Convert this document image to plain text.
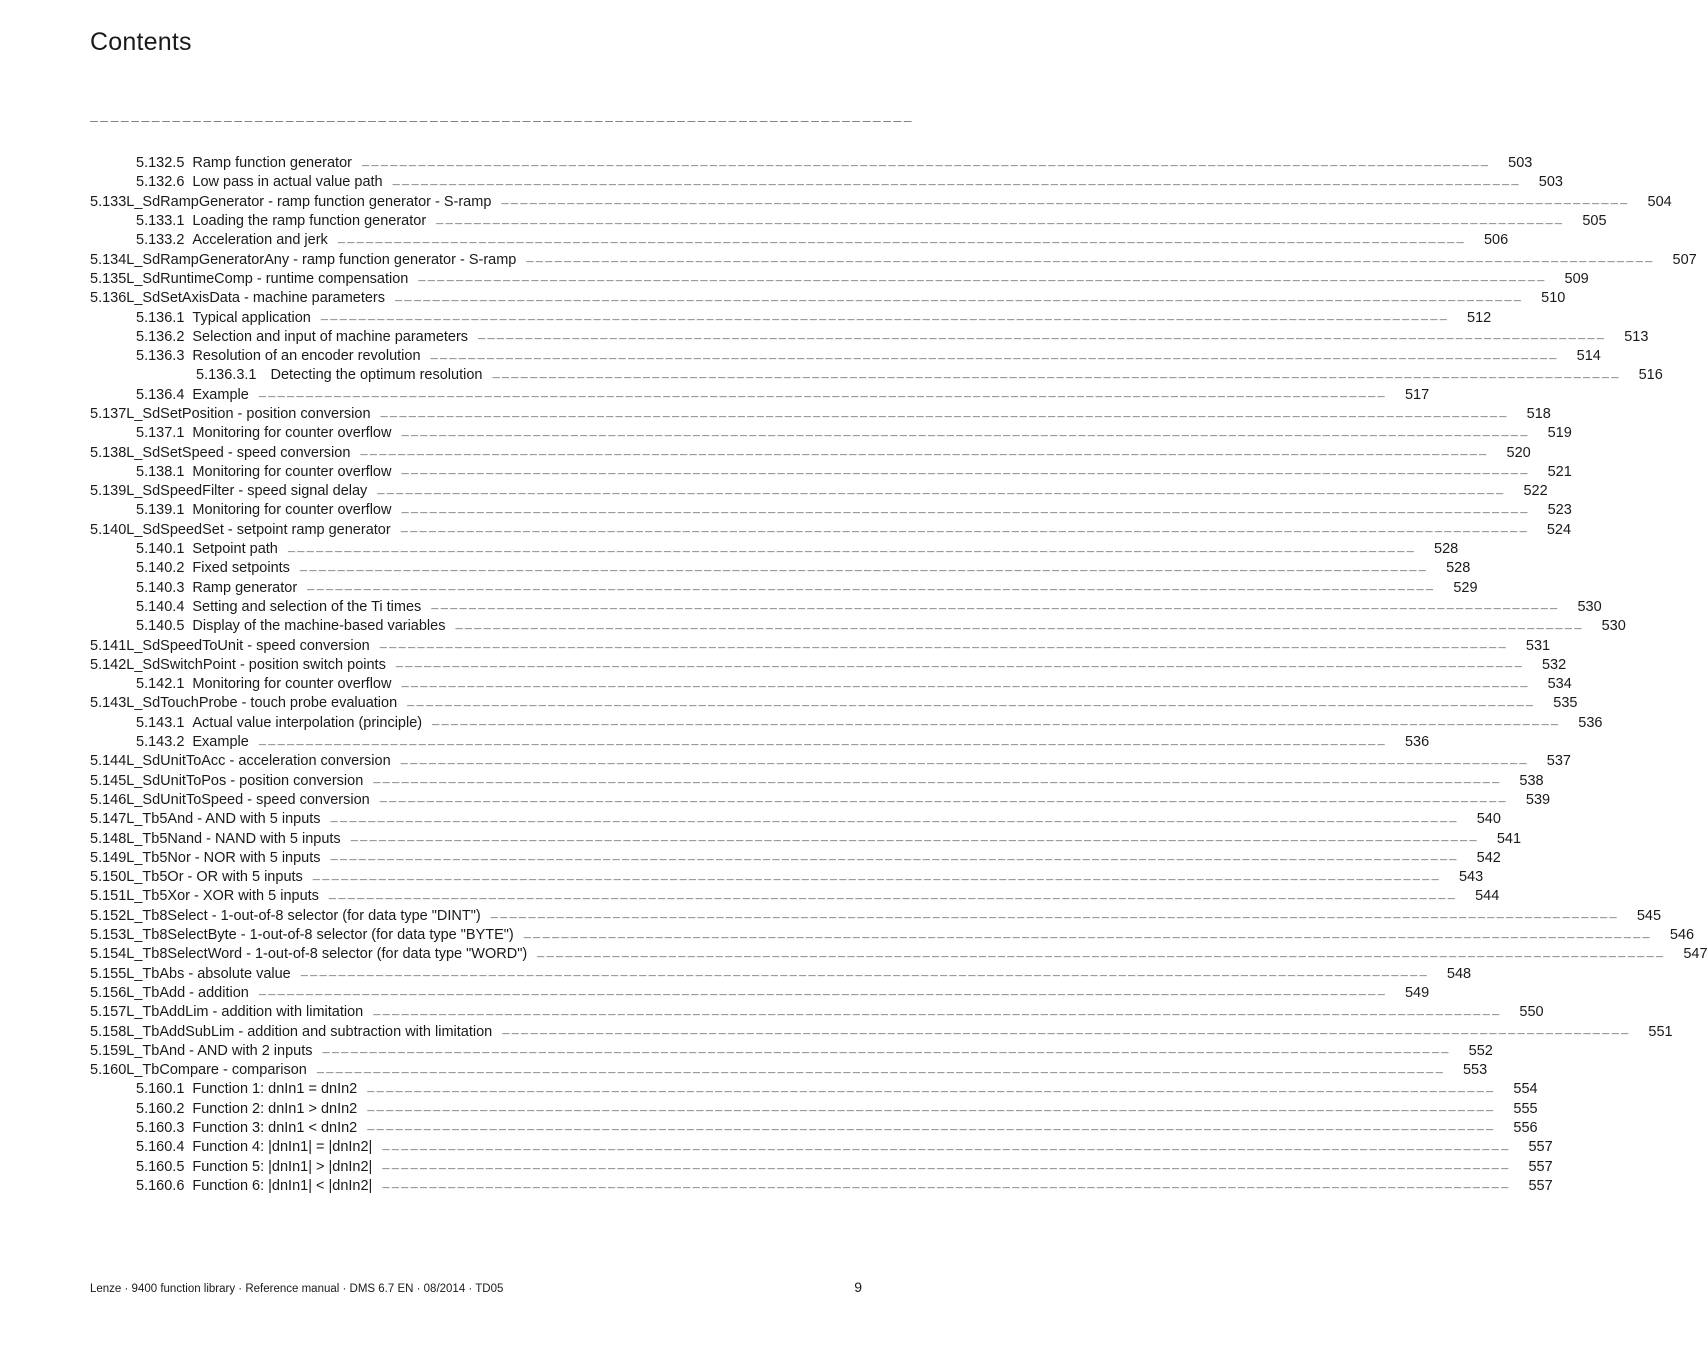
Contents
________________________________________________________________________________
5.132.5 Ramp function generator ________________________________________________________________________________________________________________________ 503
5.132.6 Low pass in actual value path ________________________________________________________________________________________________________________________ 503
5.133 L_SdRampGenerator - ramp function generator - S-ramp ________________________________________________________________________________________________________________________ 504
5.133.1 Loading the ramp function generator ________________________________________________________________________________________________________________________ 505
5.133.2 Acceleration and jerk ________________________________________________________________________________________________________________________ 506
5.134 L_SdRampGeneratorAny - ramp function generator - S-ramp ________________________________________________________________________________________________________________________ 507
5.135 L_SdRuntimeComp - runtime compensation ________________________________________________________________________________________________________________________ 509
5.136 L_SdSetAxisData - machine parameters ________________________________________________________________________________________________________________________ 510
5.136.1 Typical application ________________________________________________________________________________________________________________________ 512
5.136.2 Selection and input of machine parameters ________________________________________________________________________________________________________________________ 513
5.136.3 Resolution of an encoder revolution ________________________________________________________________________________________________________________________ 514
5.136.3.1 Detecting the optimum resolution ________________________________________________________________________________________________________________________ 516
5.136.4 Example ________________________________________________________________________________________________________________________ 517
5.137 L_SdSetPosition - position conversion ________________________________________________________________________________________________________________________ 518
5.137.1 Monitoring for counter overflow ________________________________________________________________________________________________________________________ 519
5.138 L_SdSetSpeed - speed conversion ________________________________________________________________________________________________________________________ 520
5.138.1 Monitoring for counter overflow ________________________________________________________________________________________________________________________ 521
5.139 L_SdSpeedFilter - speed signal delay ________________________________________________________________________________________________________________________ 522
5.139.1 Monitoring for counter overflow ________________________________________________________________________________________________________________________ 523
5.140 L_SdSpeedSet - setpoint ramp generator ________________________________________________________________________________________________________________________ 524
5.140.1 Setpoint path ________________________________________________________________________________________________________________________ 528
5.140.2 Fixed setpoints ________________________________________________________________________________________________________________________ 528
5.140.3 Ramp generator ________________________________________________________________________________________________________________________ 529
5.140.4 Setting and selection of the Ti times ________________________________________________________________________________________________________________________ 530
5.140.5 Display of the machine-based variables ________________________________________________________________________________________________________________________ 530
5.141 L_SdSpeedToUnit - speed conversion ________________________________________________________________________________________________________________________ 531
5.142 L_SdSwitchPoint - position switch points ________________________________________________________________________________________________________________________ 532
5.142.1 Monitoring for counter overflow ________________________________________________________________________________________________________________________ 534
5.143 L_SdTouchProbe - touch probe evaluation ________________________________________________________________________________________________________________________ 535
5.143.1 Actual value interpolation (principle) ________________________________________________________________________________________________________________________ 536
5.143.2 Example ________________________________________________________________________________________________________________________ 536
5.144 L_SdUnitToAcc - acceleration conversion ________________________________________________________________________________________________________________________ 537
5.145 L_SdUnitToPos - position conversion ________________________________________________________________________________________________________________________ 538
5.146 L_SdUnitToSpeed - speed conversion ________________________________________________________________________________________________________________________ 539
5.147 L_Tb5And - AND with 5 inputs ________________________________________________________________________________________________________________________ 540
5.148 L_Tb5Nand - NAND with 5 inputs ________________________________________________________________________________________________________________________ 541
5.149 L_Tb5Nor - NOR with 5 inputs ________________________________________________________________________________________________________________________ 542
5.150 L_Tb5Or - OR with 5 inputs ________________________________________________________________________________________________________________________ 543
5.151 L_Tb5Xor - XOR with 5 inputs ________________________________________________________________________________________________________________________ 544
5.152 L_Tb8Select - 1-out-of-8 selector (for data type "DINT") ________________________________________________________________________________________________________________________ 545
5.153 L_Tb8SelectByte - 1-out-of-8 selector (for data type "BYTE") ________________________________________________________________________________________________________________________ 546
5.154 L_Tb8SelectWord - 1-out-of-8 selector (for data type "WORD") ________________________________________________________________________________________________________________________ 547
5.155 L_TbAbs - absolute value ________________________________________________________________________________________________________________________ 548
5.156 L_TbAdd - addition ________________________________________________________________________________________________________________________ 549
5.157 L_TbAddLim - addition with limitation ________________________________________________________________________________________________________________________ 550
5.158 L_TbAddSubLim - addition and subtraction with limitation ________________________________________________________________________________________________________________________ 551
5.159 L_TbAnd - AND with 2 inputs ________________________________________________________________________________________________________________________ 552
5.160 L_TbCompare - comparison ________________________________________________________________________________________________________________________ 553
5.160.1 Function 1: dnIn1 = dnIn2 ________________________________________________________________________________________________________________________ 554
5.160.2 Function 2: dnIn1 > dnIn2 ________________________________________________________________________________________________________________________ 555
5.160.3 Function 3: dnIn1 < dnIn2 ________________________________________________________________________________________________________________________ 556
5.160.4 Function 4: |dnIn1| = |dnIn2| ________________________________________________________________________________________________________________________ 557
5.160.5 Function 5: |dnIn1| > |dnIn2| ________________________________________________________________________________________________________________________ 557
5.160.6 Function 6: |dnIn1| < |dnIn2| ________________________________________________________________________________________________________________________ 557
Lenze · 9400 function library · Reference manual · DMS 6.7 EN · 08/2014 · TD05	9
